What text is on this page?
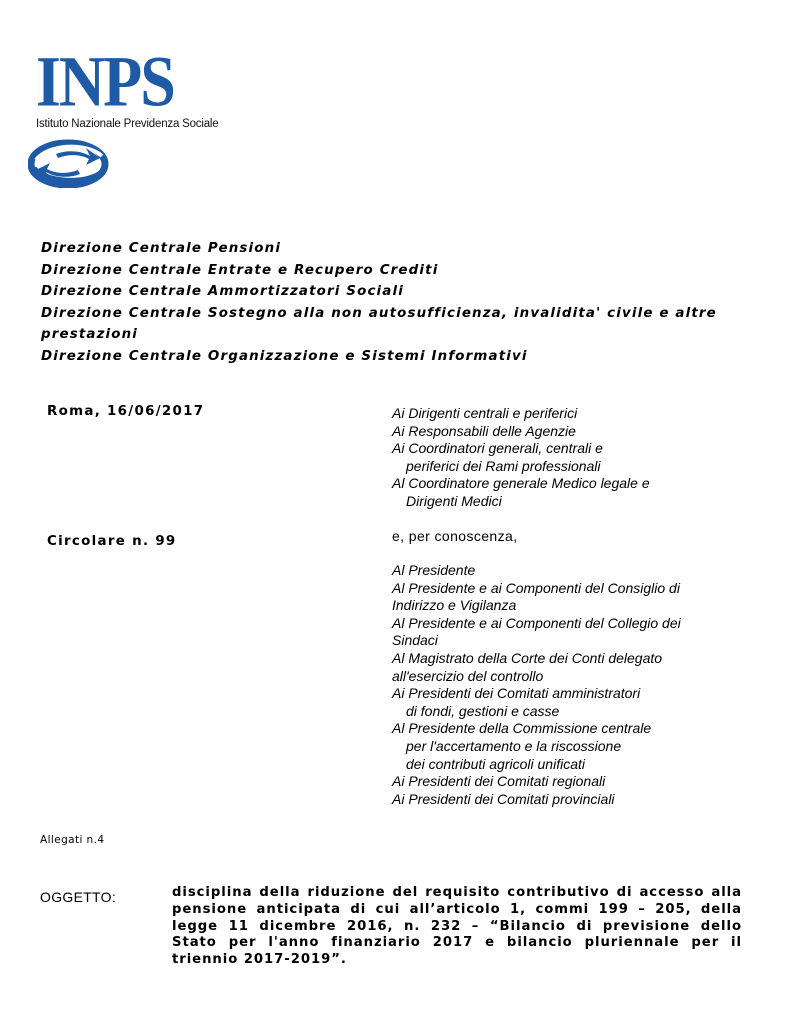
INPS
Istituto Nazionale Previdenza Sociale
Direzione Centrale Pensioni
Direzione Centrale Entrate e Recupero Crediti
Direzione Centrale Ammortizzatori Sociali
Direzione Centrale Sostegno alla non autosufficienza, invalidita' civile e altre
prestazioni
Direzione Centrale Organizzazione e Sistemi Informativi
Roma, 16/06/2017
Circolare n. 99
Ai Dirigenti centrali e periferici
Ai Responsabili delle Agenzie
Ai Coordinatori generali, centrali e
periferici dei Rami professionali
Al Coordinatore generale Medico legale e
Dirigenti Medici
e, per conoscenza,
Al Presidente
Al Presidente e ai Componenti del Consiglio di
Indirizzo e Vigilanza
Al Presidente e ai Componenti del Collegio dei
Sindaci
Al Magistrato della Corte dei Conti delegato
all'esercizio del controllo
Ai Presidenti dei Comitati amministratori
di fondi, gestioni e casse
Al Presidente della Commissione centrale
per l'accertamento e la riscossione
dei contributi agricoli unificati
Ai Presidenti dei Comitati regionali
Ai Presidenti dei Comitati provinciali
Allegati n.4
OGGETTO:	disciplina della riduzione del requisito contributivo di accesso alla pensione anticipata di cui all’articolo 1, commi 199 – 205, della legge 11 dicembre 2016, n. 232 – “Bilancio di previsione dello Stato per l'anno finanziario 2017 e bilancio pluriennale per il triennio 2017-2019”.
